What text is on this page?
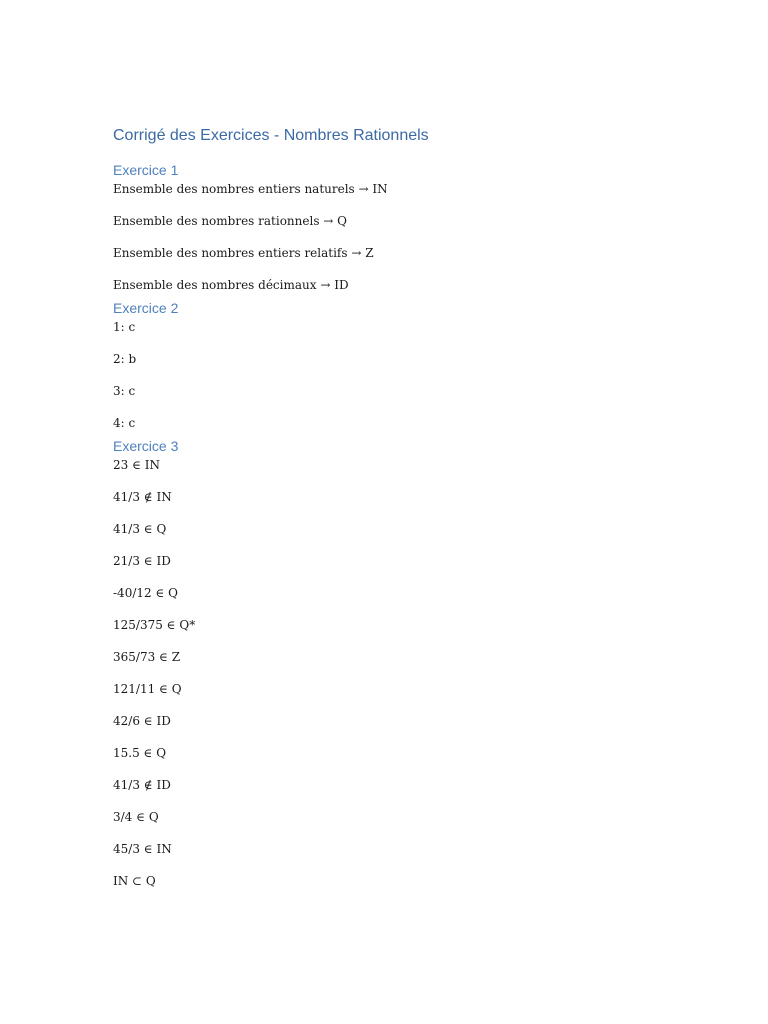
Corrigé des Exercices - Nombres Rationnels
Exercice 1
Ensemble des nombres entiers naturels → IN
Ensemble des nombres rationnels → Q
Ensemble des nombres entiers relatifs → Z
Ensemble des nombres décimaux → ID
Exercice 2
1: c
2: b
3: c
4: c
Exercice 3
23 ∈ IN
41/3 ∉ IN
41/3 ∈ Q
21/3 ∈ ID
-40/12 ∈ Q
125/375 ∈ Q*
365/73 ∈ Z
121/11 ∈ Q
42/6 ∈ ID
15.5 ∈ Q
41/3 ∉ ID
3/4 ∈ Q
45/3 ∈ IN
IN ⊂ Q
